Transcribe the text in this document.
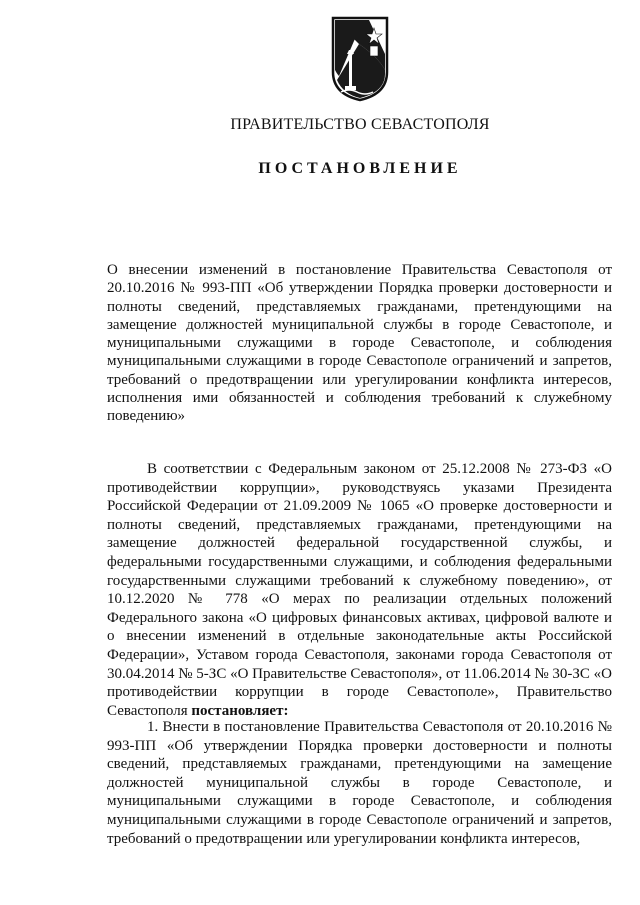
ПРАВИТЕЛЬСТВО СЕВАСТОПОЛЯ
ПОСТАНОВЛЕНИЕ
О внесении изменений в постановление Правительства Севастополя от 20.10.2016 № 993-ПП «Об утверждении Порядка проверки достоверности и полноты сведений, представляемых гражданами, претендующими на замещение должностей муниципальной службы в городе Севастополе, и муниципальными служащими в городе Севастополе, и соблюдения муниципальными служащими в городе Севастополе ограничений и запретов, требований о предотвращении или урегулировании конфликта интересов, исполнения ими обязанностей и соблюдения требований к служебному поведению»

В соответствии с Федеральным законом от 25.12.2008 № 273-ФЗ «О противодействии коррупции», руководствуясь указами Президента Российской Федерации от 21.09.2009 № 1065 «О проверке достоверности и полноты сведений, представляемых гражданами, претендующими на замещение должностей федеральной государственной службы, и федеральными государственными служащими, и соблюдения федеральными государственными служащими требований к служебному поведению», от 10.12.2020 № 778 «О мерах по реализации отдельных положений Федерального закона «О цифровых финансовых активах, цифровой валюте и о внесении изменений в отдельные законодательные акты Российской Федерации», Уставом города Севастополя, законами города Севастополя от 30.04.2014 № 5-ЗС «О Правительстве Севастополя», от 11.06.2014 № 30-ЗС «О противодействии коррупции в городе Севастополе», Правительство Севастополя постановляет:

1. Внести в постановление Правительства Севастополя от 20.10.2016 № 993-ПП «Об утверждении Порядка проверки достоверности и полноты сведений, представляемых гражданами, претендующими на замещение должностей муниципальной службы в городе Севастополе, и муниципальными служащими в городе Севастополе, и соблюдения муниципальными служащими в городе Севастополе ограничений и запретов, требований о предотвращении или урегулировании конфликта интересов,
